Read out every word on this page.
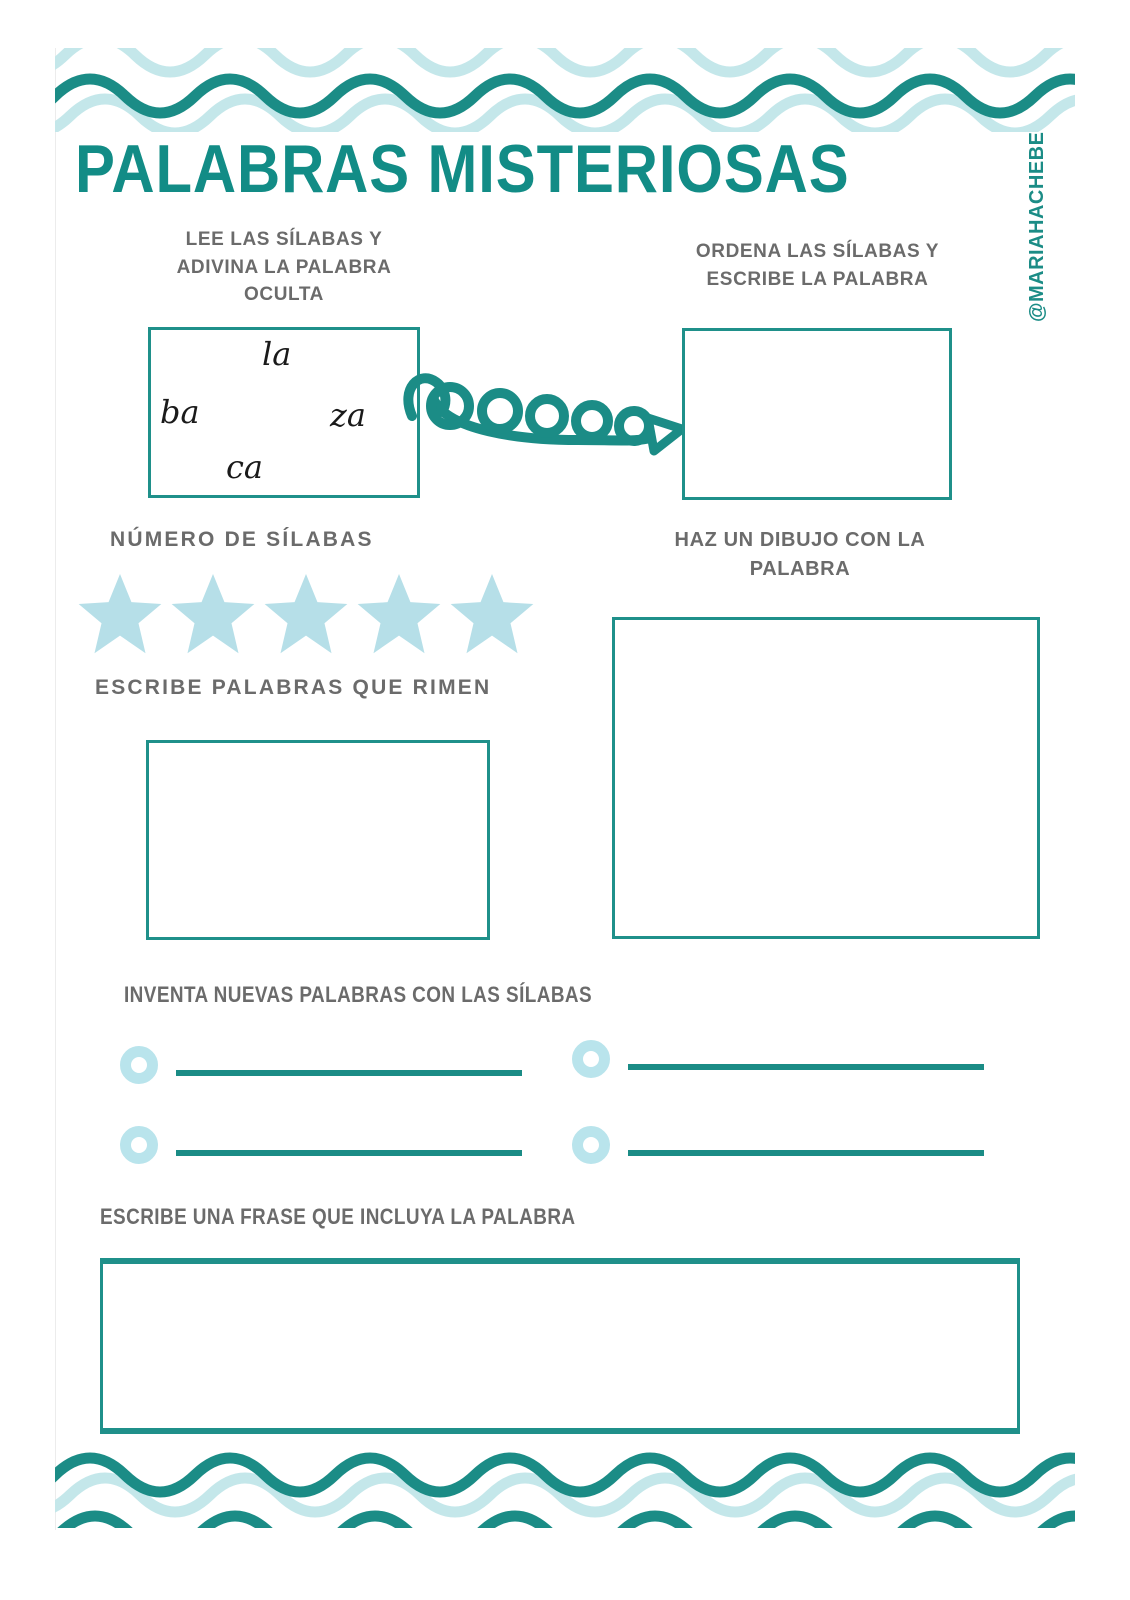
PALABRAS MISTERIOSAS	@MARIAHACHEBE
LEE LAS SÍLABAS Y
ADIVINA LA PALABRA
OCULTA
la
ba	za
ca
ORDENA LAS SÍLABAS Y
ESCRIBE LA PALABRA
NÚMERO DE SÍLABAS	HAZ UN DIBUJO CON LA
PALABRA
ESCRIBE PALABRAS QUE RIMEN
INVENTA NUEVAS PALABRAS CON LAS SÍLABAS
ESCRIBE UNA FRASE QUE INCLUYA LA PALABRA
